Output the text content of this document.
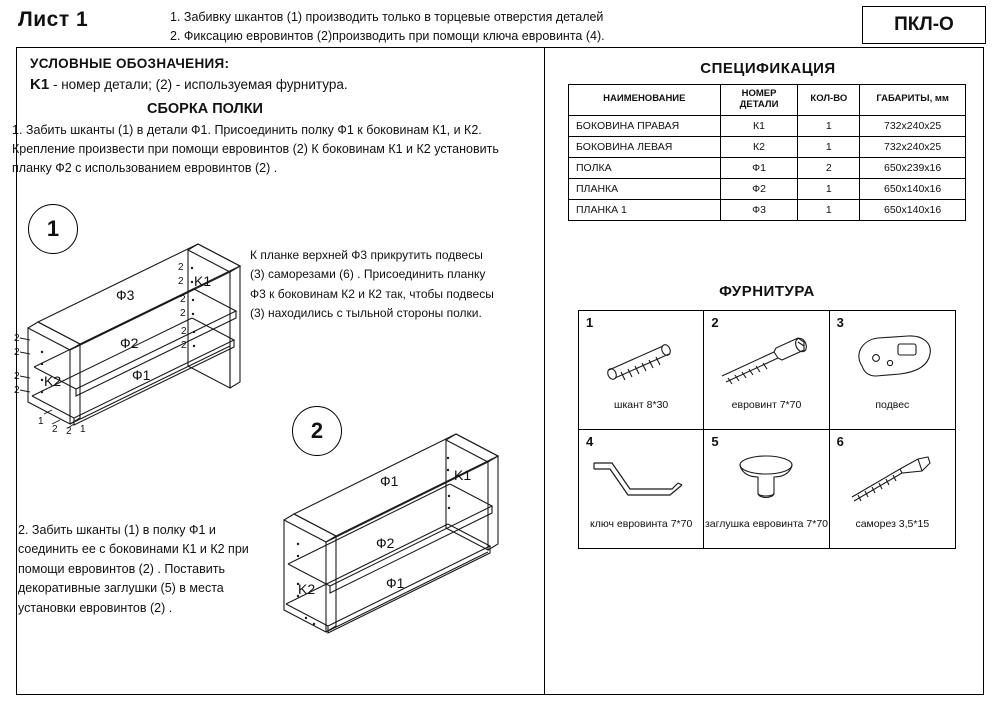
Лист 1	1. Забивку шкантов (1) производить только в торцевые отверстия деталей
2. Фиксацию евровинтов (2)производить при помощи ключа евровинта (4).
ПКЛ-О
УСЛОВНЫЕ ОБОЗНАЧЕНИЯ:
K1 - номер детали; (2) - используемая фурнитура.
СБОРКА ПОЛКИ
1. Забить шканты (1) в детали Ф1. Присоединить полку Ф1 к боковинам К1, и К2. Крепление произвести при помощи евровинтов (2) К боковинам К1 и К2 установить планку Ф2 с использованием евровинтов (2) .
1
2
К планке верхней Ф3 прикрутить подвесы (3) саморезами (6) . Присоединить планку Ф3 к боковинам К2 и К2 так, чтобы подвесы (3) находились с тыльной стороны полки.
2. Забить шканты (1) в полку Ф1 и соединить ее с боковинами К1 и К2 при помощи евровинтов (2) . Поставить декоративные заглушки (5) в места установки евровинтов (2) .
2
2
2
2
2
2
2
2
2
2
1
2 2 1
Ф3
K1
Ф2
Ф1
K2
Ф1	K1
Ф2
Ф1
K2
СПЕЦИФИКАЦИЯ
НАИМЕНОВАНИЕ	НОМЕР ДЕТАЛИ	КОЛ-ВО	ГАБАРИТЫ, мм
БОКОВИНА ПРАВАЯ	К1	1	732х240х25
БОКОВИНА ЛЕВАЯ	К2	1	732х240х25
ПОЛКА	Ф1	2	650х239х16
ПЛАНКА	Ф2	1	650х140х16
ПЛАНКА 1	Ф3	1	650х140х16
ФУРНИТУРА
1
шкант 8*30
2
евровинт 7*70
3
подвес
4
ключ евровинта 7*70
5
заглушка евровинта 7*70
6
саморез 3,5*15
